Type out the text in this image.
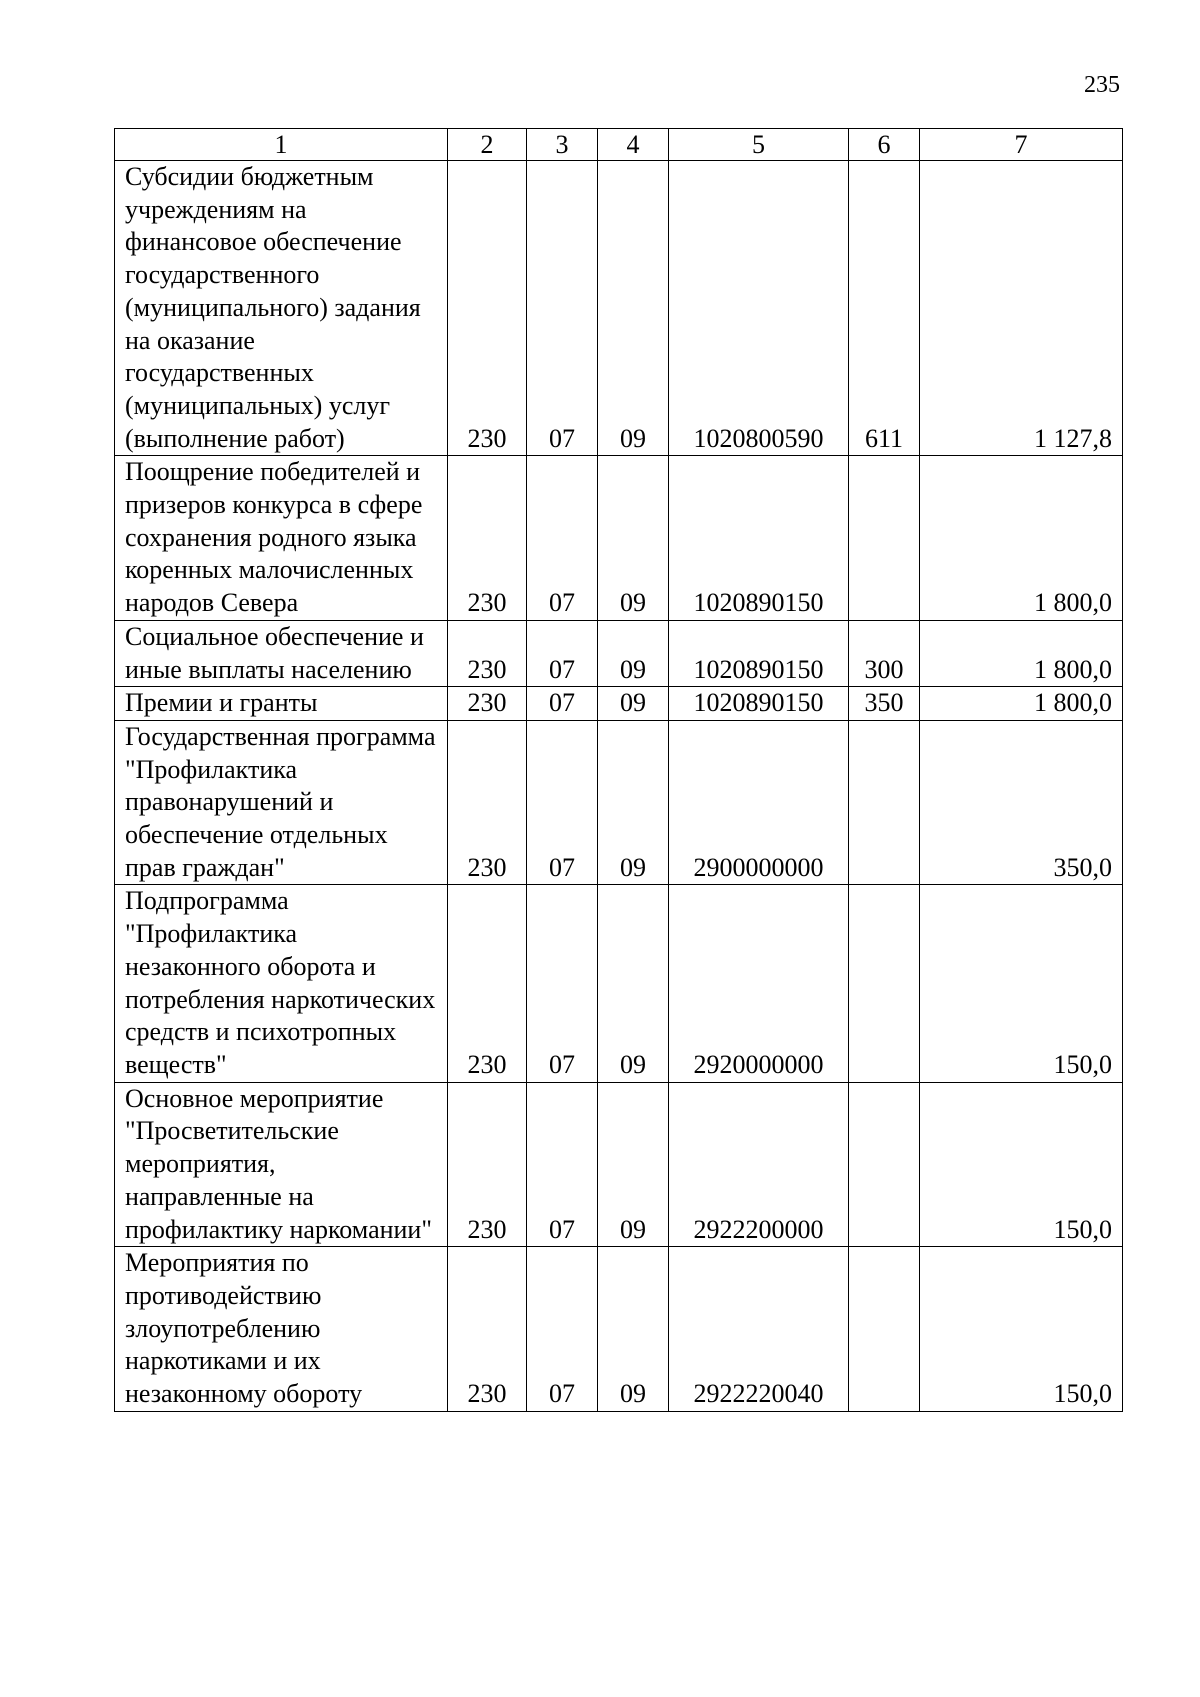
235
1	2	3	4	5	6	7
Субсидии бюджетным учреждениям на финансовое обеспечение государственного (муниципального) задания на оказание государственных (муниципальных) услуг (выполнение работ)	230	07	09	1020800590	611	1 127,8
Поощрение победителей и призеров конкурса в сфере сохранения родного языка коренных малочисленных народов Севера	230	07	09	1020890150		1 800,0
Социальное обеспечение и иные выплаты населению	230	07	09	1020890150	300	1 800,0
Премии и гранты	230	07	09	1020890150	350	1 800,0
Государственная программа "Профилактика правонарушений и обеспечение отдельных прав граждан"	230	07	09	2900000000		350,0
Подпрограмма "Профилактика незаконного оборота и потребления наркотических средств и психотропных веществ"	230	07	09	2920000000		150,0
Основное мероприятие "Просветительские мероприятия, направленные на профилактику наркомании"	230	07	09	2922200000		150,0
Мероприятия по противодействию злоупотреблению наркотиками и их незаконному обороту	230	07	09	2922220040		150,0
